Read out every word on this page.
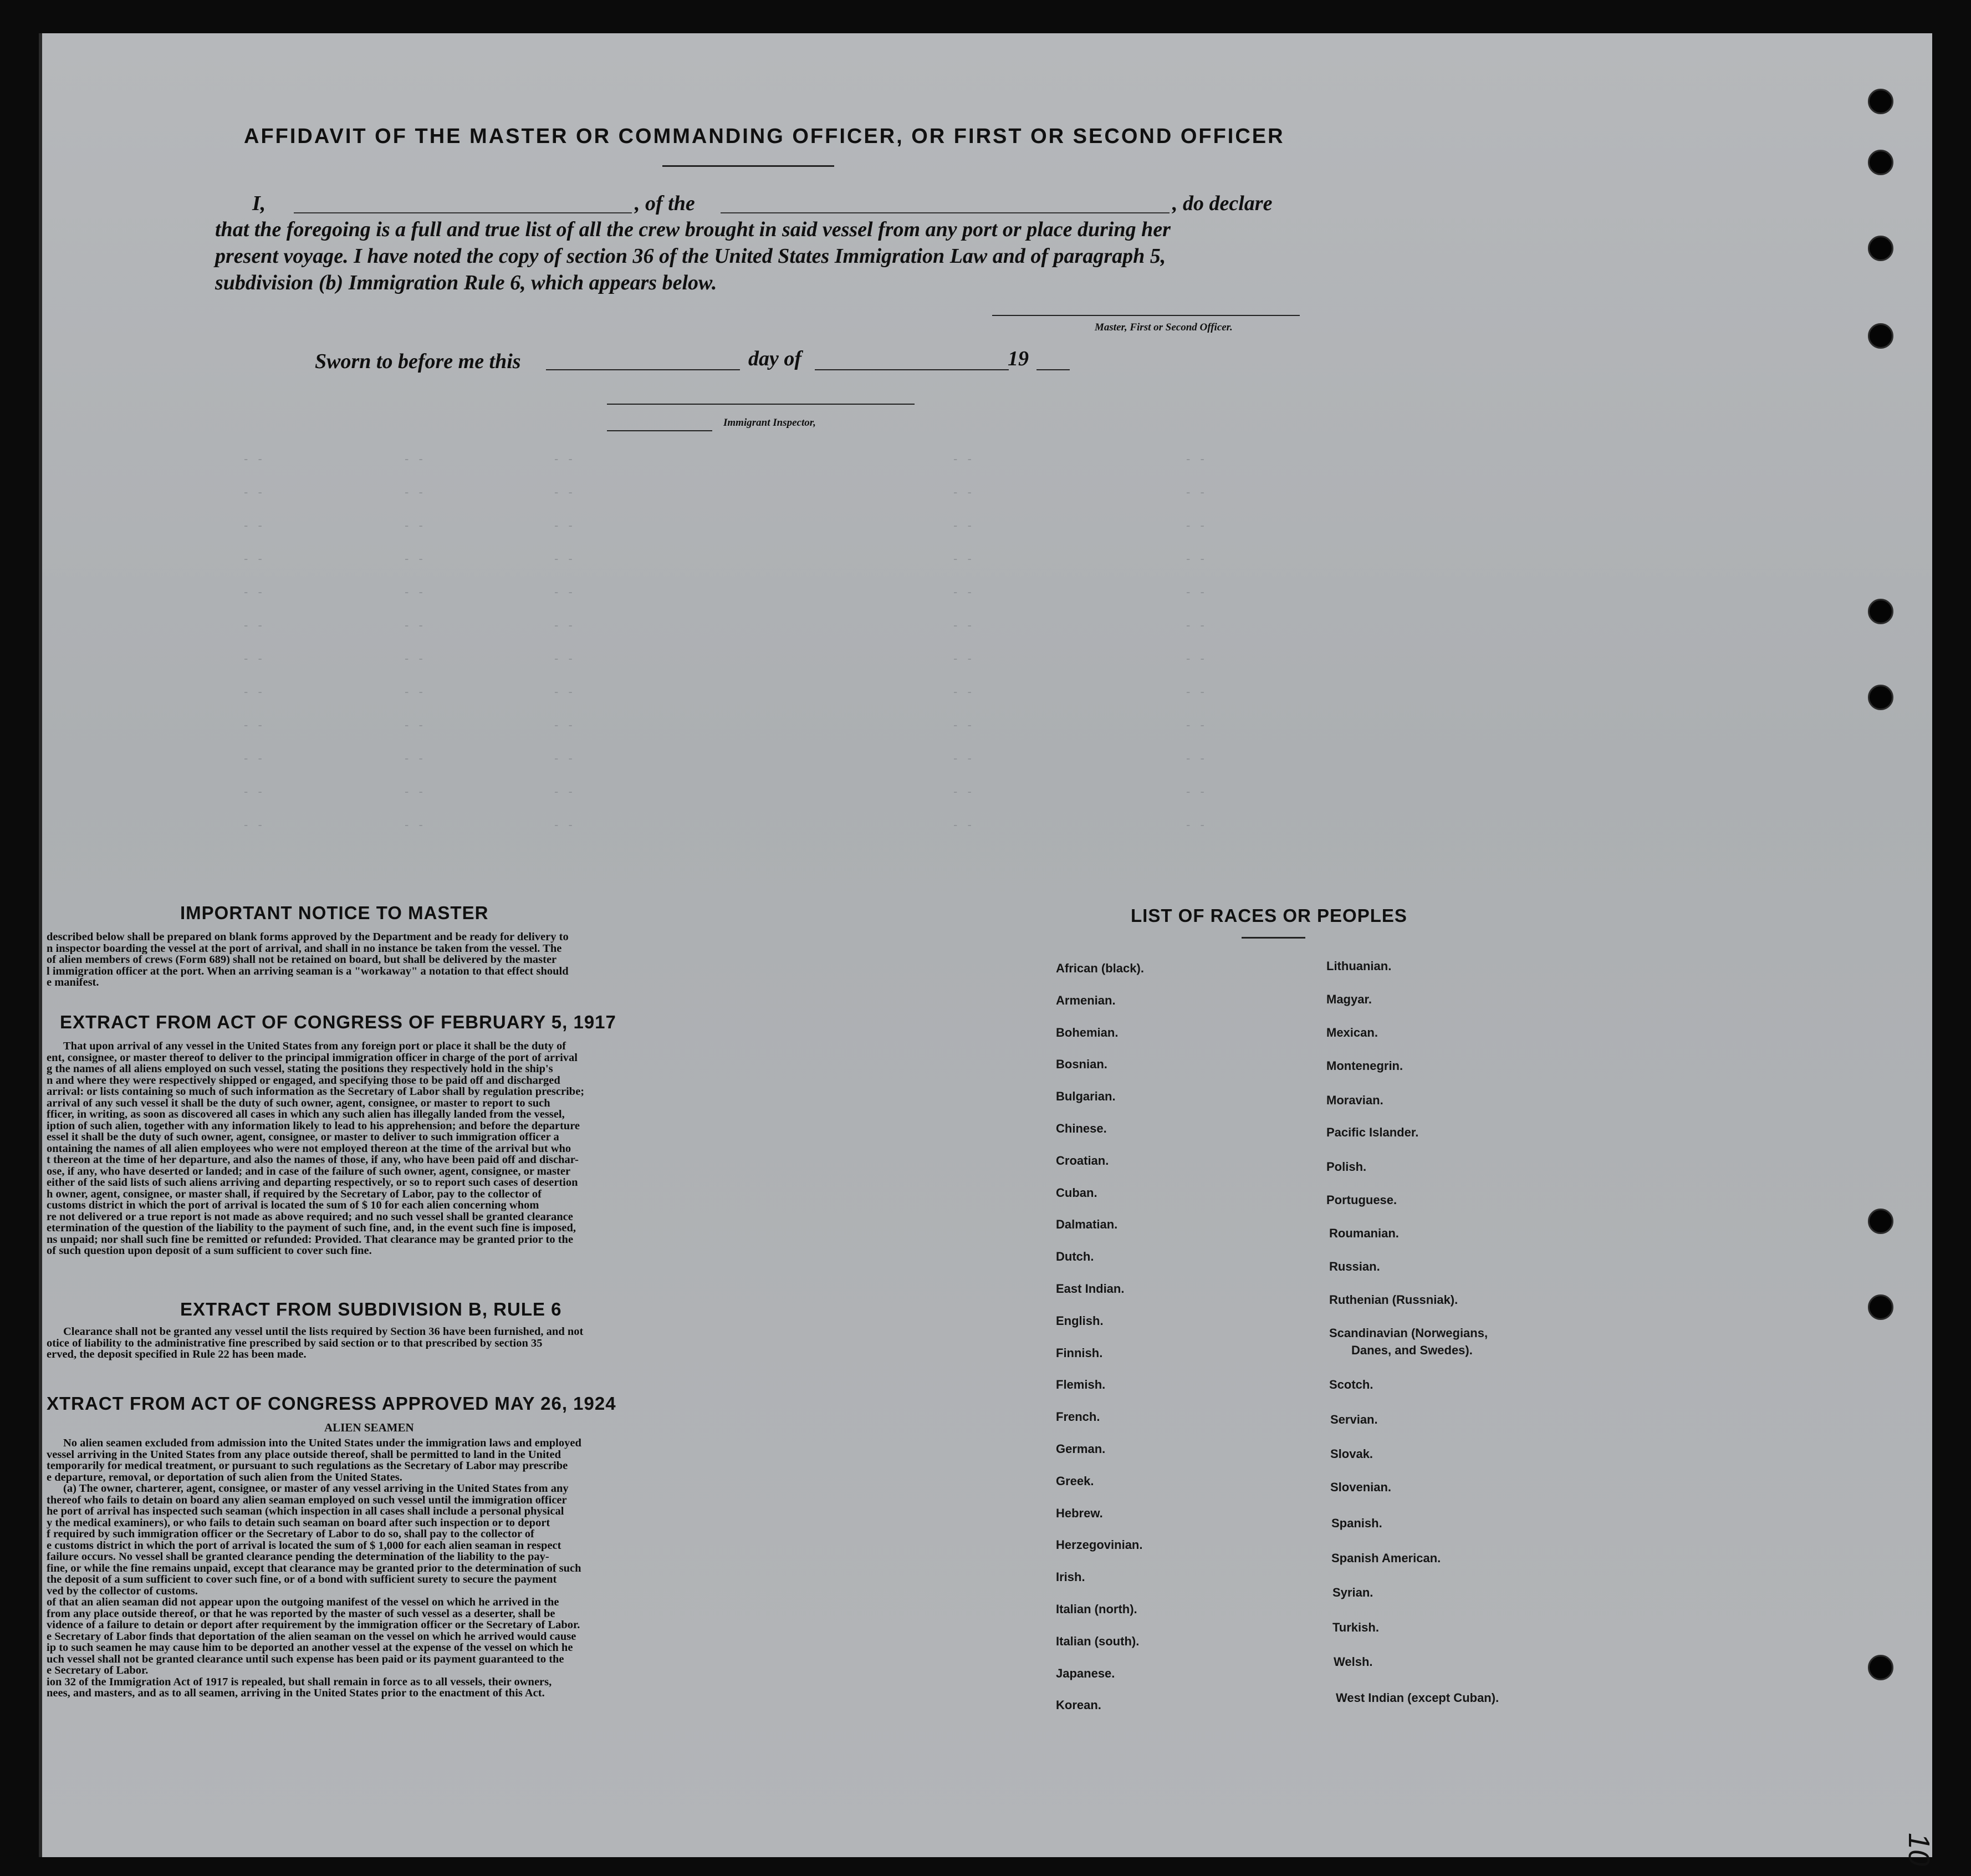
- -	- -	- -	- -	- -
- -	- -	- -	- -	- -
- -	- -	- -	- -	- -
- -	- -	- -	- -	- -
- -	- -	- -	- -	- -
- -	- -	- -	- -	- -
- -	- -	- -	- -	- -
- -	- -	- -	- -	- -
- -	- -	- -	- -	- -
- -	- -	- -	- -	- -
- -	- -	- -	- -	- -
- -	- -	- -	- -	- -
AFFIDAVIT OF THE MASTER OR COMMANDING OFFICER, OR FIRST OR SECOND OFFICER
I,	, of the	, do declare
that the foregoing is a full and true list of all the crew brought in said vessel from any port or place during her
present voyage. I have noted the copy of section 36 of the United States Immigration Law and of paragraph 5,
subdivision (b) Immigration Rule 6, which appears below.
Master, First or Second Officer.
Sworn to before me this	day of	19
Immigrant Inspector,
IMPORTANT NOTICE TO MASTER
described below shall be prepared on blank forms approved by the Department and be ready for delivery to
n inspector boarding the vessel at the port of arrival, and shall in no instance be taken from the vessel. The
of alien members of crews (Form 689) shall not be retained on board, but shall be delivered by the master
l immigration officer at the port. When an arriving seaman is a "workaway" a notation to that effect should
e manifest.
EXTRACT FROM ACT OF CONGRESS OF FEBRUARY 5, 1917
That upon arrival of any vessel in the United States from any foreign port or place it shall be the duty of
ent, consignee, or master thereof to deliver to the principal immigration officer in charge of the port of arrival
g the names of all aliens employed on such vessel, stating the positions they respectively hold in the ship's
n and where they were respectively shipped or engaged, and specifying those to be paid off and discharged
arrival: or lists containing so much of such information as the Secretary of Labor shall by regulation prescribe;
arrival of any such vessel it shall be the duty of such owner, agent, consignee, or master to report to such
fficer, in writing, as soon as discovered all cases in which any such alien has illegally landed from the vessel,
iption of such alien, together with any information likely to lead to his apprehension; and before the departure
essel it shall be the duty of such owner, agent, consignee, or master to deliver to such immigration officer a
ontaining the names of all alien employees who were not employed thereon at the time of the arrival but who
t thereon at the time of her departure, and also the names of those, if any, who have been paid off and dischar-
ose, if any, who have deserted or landed; and in case of the failure of such owner, agent, consignee, or master
either of the said lists of such aliens arriving and departing respectively, or so to report such cases of desertion
h owner, agent, consignee, or master shall, if required by the Secretary of Labor, pay to the collector of
customs district in which the port of arrival is located the sum of $ 10 for each alien concerning whom
re not delivered or a true report is not made as above required; and no such vessel shall be granted clearance
etermination of the question of the liability to the payment of such fine, and, in the event such fine is imposed,
ns unpaid; nor shall such fine be remitted or refunded: Provided. That clearance may be granted prior to the
of such question upon deposit of a sum sufficient to cover such fine.
EXTRACT FROM SUBDIVISION B, RULE 6
Clearance shall not be granted any vessel until the lists required by Section 36 have been furnished, and not
otice of liability to the administrative fine prescribed by said section or to that prescribed by section 35
erved, the deposit specified in Rule 22 has been made.
XTRACT FROM ACT OF CONGRESS APPROVED MAY 26, 1924
ALIEN SEAMEN
No alien seamen excluded from admission into the United States under the immigration laws and employed
vessel arriving in the United States from any place outside thereof, shall be permitted to land in the United
temporarily for medical treatment, or pursuant to such regulations as the Secretary of Labor may prescribe
e departure, removal, or deportation of such alien from the United States.
(a) The owner, charterer, agent, consignee, or master of any vessel arriving in the United States from any
thereof who fails to detain on board any alien seaman employed on such vessel until the immigration officer
he port of arrival has inspected such seaman (which inspection in all cases shall include a personal physical
y the medical examiners), or who fails to detain such seaman on board after such inspection or to deport
f required by such immigration officer or the Secretary of Labor to do so, shall pay to the collector of
e customs district in which the port of arrival is located the sum of $ 1,000 for each alien seaman in respect
failure occurs. No vessel shall be granted clearance pending the determination of the liability to the pay-
fine, or while the fine remains unpaid, except that clearance may be granted prior to the determination of such
the deposit of a sum sufficient to cover such fine, or of a bond with sufficient surety to secure the payment
ved by the collector of customs.
of that an alien seaman did not appear upon the outgoing manifest of the vessel on which he arrived in the
from any place outside thereof, or that he was reported by the master of such vessel as a deserter, shall be
vidence of a failure to detain or deport after requirement by the immigration officer or the Secretary of Labor.
e Secretary of Labor finds that deportation of the alien seaman on the vessel on which he arrived would cause
ip to such seamen he may cause him to be deported an another vessel at the expense of the vessel on which he
uch vessel shall not be granted clearance until such expense has been paid or its payment guaranteed to the
e Secretary of Labor.
ion 32 of the Immigration Act of 1917 is repealed, but shall remain in force as to all vessels, their owners,
nees, and masters, and as to all seamen, arriving in the United States prior to the enactment of this Act.
LIST OF RACES OR PEOPLES
African (black).
Armenian.
Bohemian.
Bosnian.
Bulgarian.
Chinese.
Croatian.
Cuban.
Dalmatian.
Dutch.
East Indian.
English.
Finnish.
Flemish.
French.
German.
Greek.
Hebrew.
Herzegovinian.
Irish.
Italian (north).
Italian (south).
Japanese.
Korean.
Lithuanian.
Magyar.
Mexican.
Montenegrin.
Moravian.
Pacific Islander.
Polish.
Portuguese.
Roumanian.
Russian.
Ruthenian (Russniak).
Scandinavian (Norwegians,
Danes, and Swedes).
Scotch.
Servian.
Slovak.
Slovenian.
Spanish.
Spanish American.
Syrian.
Turkish.
Welsh.
West Indian (except Cuban).
10
